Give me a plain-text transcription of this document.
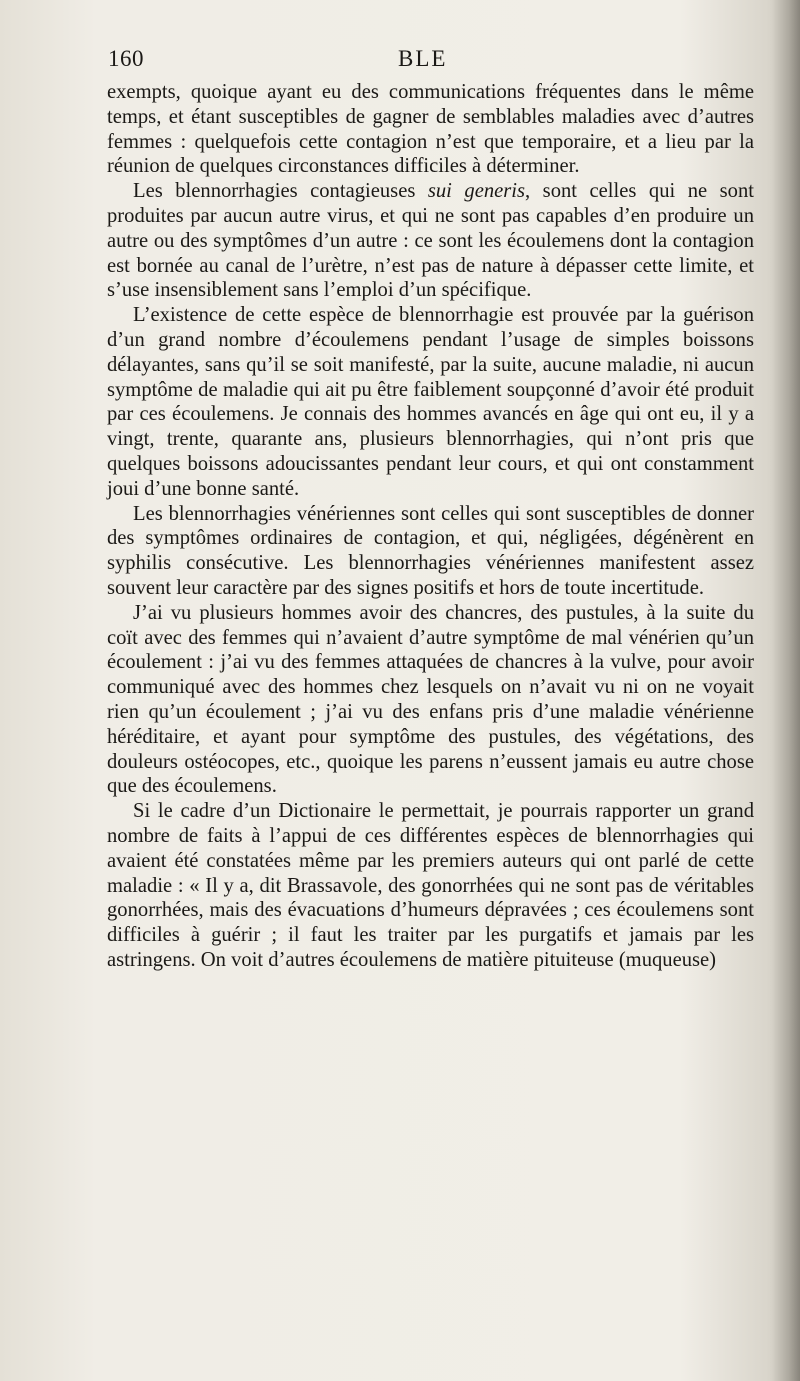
160	BLE

exempts, quoique ayant eu des communications fréquentes dans le même temps, et étant susceptibles de gagner de semblables maladies avec d’autres femmes : quelquefois cette contagion n’est que temporaire, et a lieu par la réunion de quelques circonstances difficiles à déterminer.

Les blennorrhagies contagieuses sui generis, sont celles qui ne sont produites par aucun autre virus, et qui ne sont pas capables d’en produire un autre ou des symptômes d’un autre : ce sont les écoulemens dont la contagion est bornée au canal de l’urètre, n’est pas de nature à dépasser cette limite, et s’use insensiblement sans l’emploi d’un spécifique.

L’existence de cette espèce de blennorrhagie est prouvée par la guérison d’un grand nombre d’écoulemens pendant l’usage de simples boissons délayantes, sans qu’il se soit manifesté, par la suite, aucune maladie, ni aucun symptôme de maladie qui ait pu être faiblement soupçonné d’avoir été produit par ces écoulemens. Je connais des hommes avancés en âge qui ont eu, il y a vingt, trente, quarante ans, plusieurs blennorrhagies, qui n’ont pris que quelques boissons adoucissantes pendant leur cours, et qui ont constamment joui d’une bonne santé.

Les blennorrhagies vénériennes sont celles qui sont susceptibles de donner des symptômes ordinaires de contagion, et qui, négligées, dégénèrent en syphilis consécutive. Les blennorrhagies vénériennes manifestent assez souvent leur caractère par des signes positifs et hors de toute incertitude.

J’ai vu plusieurs hommes avoir des chancres, des pustules, à la suite du coït avec des femmes qui n’avaient d’autre symptôme de mal vénérien qu’un écoulement : j’ai vu des femmes attaquées de chancres à la vulve, pour avoir communiqué avec des hommes chez lesquels on n’avait vu ni on ne voyait rien qu’un écoulement ; j’ai vu des enfans pris d’une maladie vénérienne héréditaire, et ayant pour symptôme des pustules, des végétations, des douleurs ostéocopes, etc., quoique les parens n’eussent jamais eu autre chose que des écoulemens.

Si le cadre d’un Dictionaire le permettait, je pourrais rapporter un grand nombre de faits à l’appui de ces différentes espèces de blennorrhagies qui avaient été constatées même par les premiers auteurs qui ont parlé de cette maladie : « Il y a, dit Brassavole, des gonorrhées qui ne sont pas de véritables gonorrhées, mais des évacuations d’humeurs dépravées ; ces écoulemens sont difficiles à guérir ; il faut les traiter par les purgatifs et jamais par les astringens. On voit d’autres écoulemens de matière pituiteuse (muqueuse)
